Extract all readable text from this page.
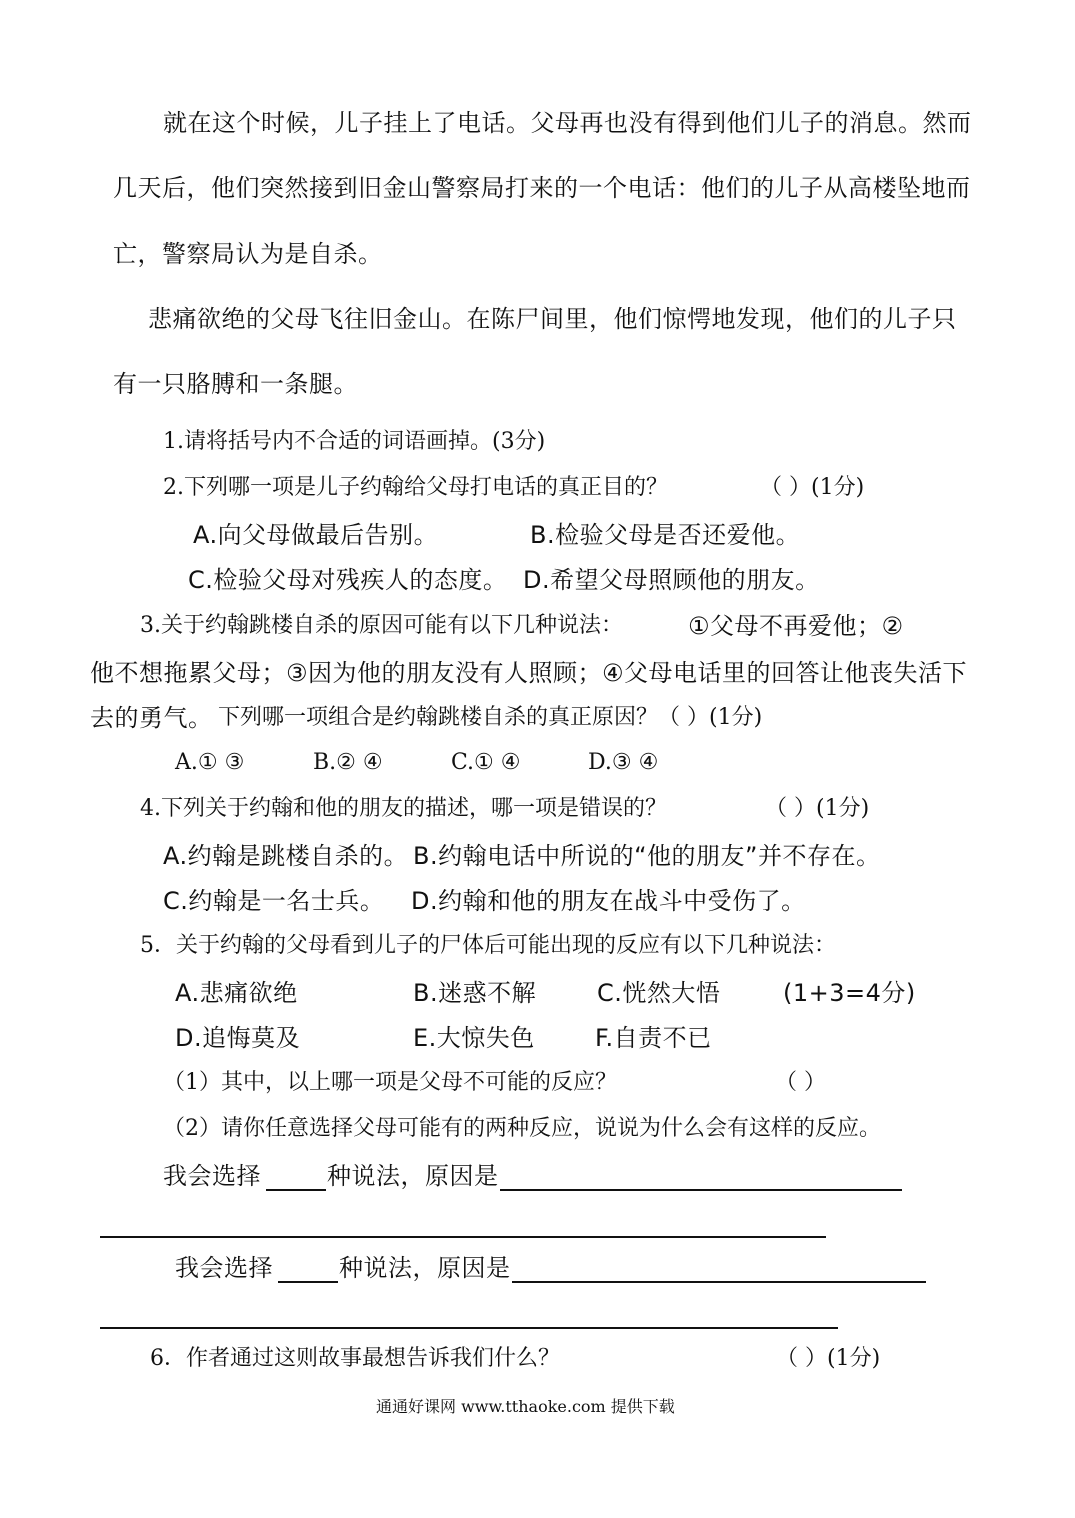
就在这个时候，儿子挂上了电话。父母再也没有得到他们儿子的消息。然而
几天后，他们突然接到旧金山警察局打来的一个电话：他们的儿子从高楼坠地而
亡，警察局认为是自杀。
悲痛欲绝的父母飞往旧金山。在陈尸间里，他们惊愕地发现，他们的儿子只
有一只胳膊和一条腿。
1.请将括号内不合适的词语画掉。(3分)
2.下列哪一项是儿子约翰给父母打电话的真正目的？	（ ）(1分)
A.向父母做最后告别。	B.检验父母是否还爱他。
C.检验父母对残疾人的态度。 D.希望父母照顾他的朋友。
3.关于约翰跳楼自杀的原因可能有以下几种说法：	①父母不再爱他；②
他不想拖累父母；③因为他的朋友没有人照顾；④父母电话里的回答让他丧失活下
去的勇气。 下列哪一项组合是约翰跳楼自杀的真正原因？（ ）(1分)
A.① ③	B.② ④	C.① ④	D.③ ④
4.下列关于约翰和他的朋友的描述，哪一项是错误的？	（ ）(1分)
A.约翰是跳楼自杀的。 B.约翰电话中所说的“他的朋友”并不存在。
C.约翰是一名士兵。 D.约翰和他的朋友在战斗中受伤了。
5．关于约翰的父母看到儿子的尸体后可能出现的反应有以下几种说法：
A.悲痛欲绝	B.迷惑不解	C.恍然大悟	(1+3=4分)
D.追悔莫及	E.大惊失色	F.自责不已
（1）其中，以上哪一项是父母不可能的反应？	（ ）
（2）请你任意选择父母可能有的两种反应，说说为什么会有这样的反应。
我会选择	种说法，原因是
我会选择	种说法，原因是
6．作者通过这则故事最想告诉我们什么？	（ ）(1分)
通通好课网 www.tthaoke.com 提供下载
